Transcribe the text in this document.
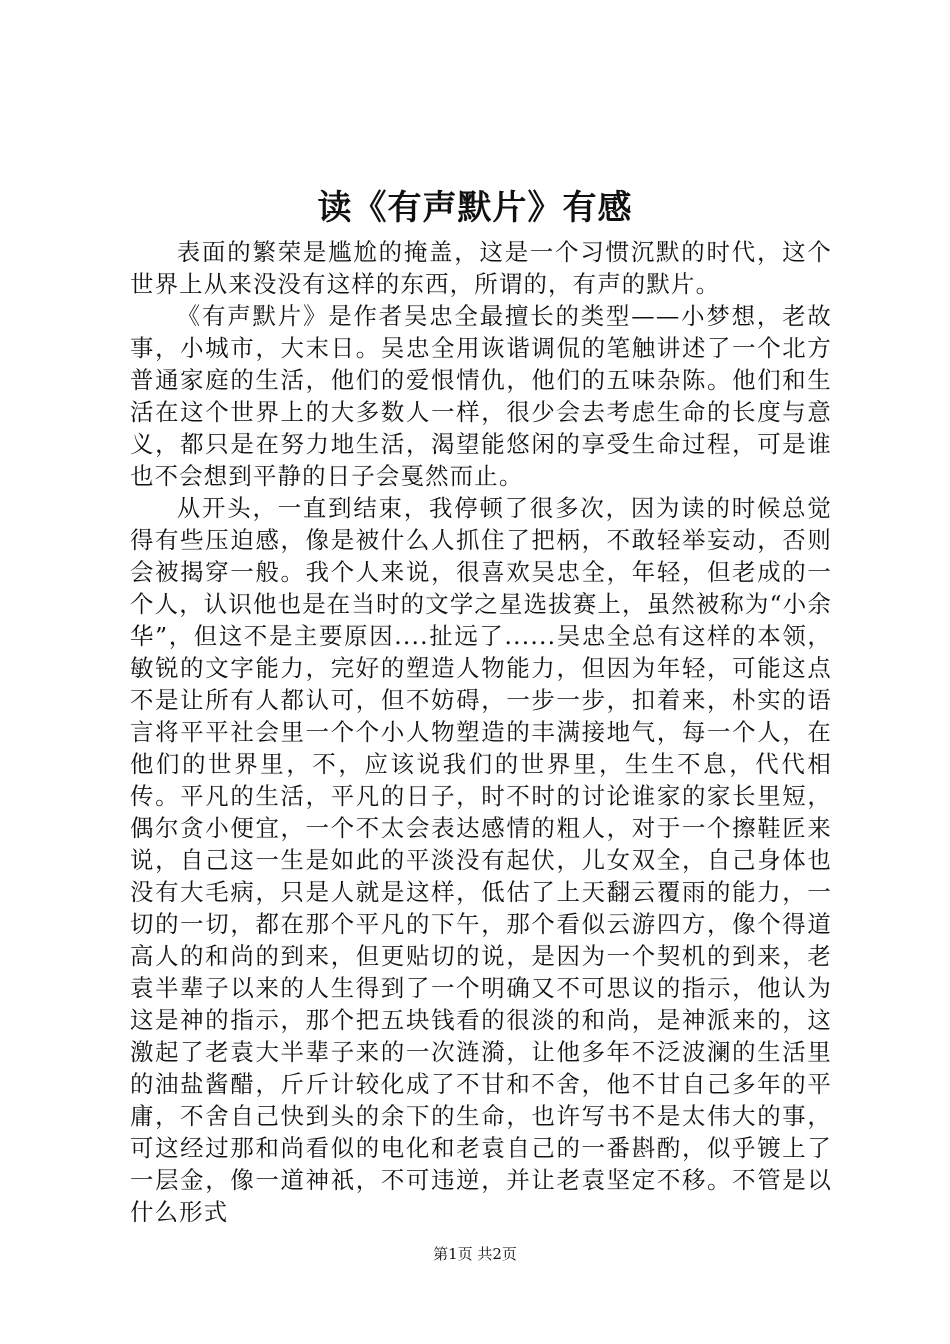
读《有声默片》有感

表面的繁荣是尴尬的掩盖，这是一个习惯沉默的时代，这个世界上从来没没有这样的东西，所谓的，有声的默片。

《有声默片》是作者吴忠全最擅长的类型——小梦想，老故事，小城市，大末日。吴忠全用诙谐调侃的笔触讲述了一个北方普通家庭的生活，他们的爱恨情仇，他们的五味杂陈。他们和生活在这个世界上的大多数人一样，很少会去考虑生命的长度与意义，都只是在努力地生活，渴望能悠闲的享受生命过程，可是谁也不会想到平静的日子会戛然而止。

从开头，一直到结束，我停顿了很多次，因为读的时候总觉得有些压迫感，像是被什么人抓住了把柄，不敢轻举妄动，否则会被揭穿一般。我个人来说，很喜欢吴忠全，年轻，但老成的一个人，认识他也是在当时的文学之星选拔赛上，虽然被称为“小余华”，但这不是主要原因....扯远了......吴忠全总有这样的本领，敏锐的文字能力，完好的塑造人物能力，但因为年轻，可能这点不是让所有人都认可，但不妨碍，一步一步，扣着来，朴实的语言将平平社会里一个个小人物塑造的丰满接地气，每一个人，在他们的世界里，不，应该说我们的世界里，生生不息，代代相传。平凡的生活，平凡的日子，时不时的讨论谁家的家长里短，偶尔贪小便宜，一个不太会表达感情的粗人，对于一个擦鞋匠来说，自己这一生是如此的平淡没有起伏，儿女双全，自己身体也没有大毛病，只是人就是这样，低估了上天翻云覆雨的能力，一切的一切，都在那个平凡的下午，那个看似云游四方，像个得道高人的和尚的到来，但更贴切的说，是因为一个契机的到来，老袁半辈子以来的人生得到了一个明确又不可思议的指示，他认为这是神的指示，那个把五块钱看的很淡的和尚，是神派来的，这激起了老袁大半辈子来的一次涟漪，让他多年不泛波澜的生活里的油盐酱醋，斤斤计较化成了不甘和不舍，他不甘自己多年的平庸，不舍自己快到头的余下的生命，也许写书不是太伟大的事，可这经过那和尚看似的电化和老袁自己的一番斟酌，似乎镀上了一层金，像一道神祇，不可违逆，并让老袁坚定不移。不管是以什么形式

第1页 共2页
